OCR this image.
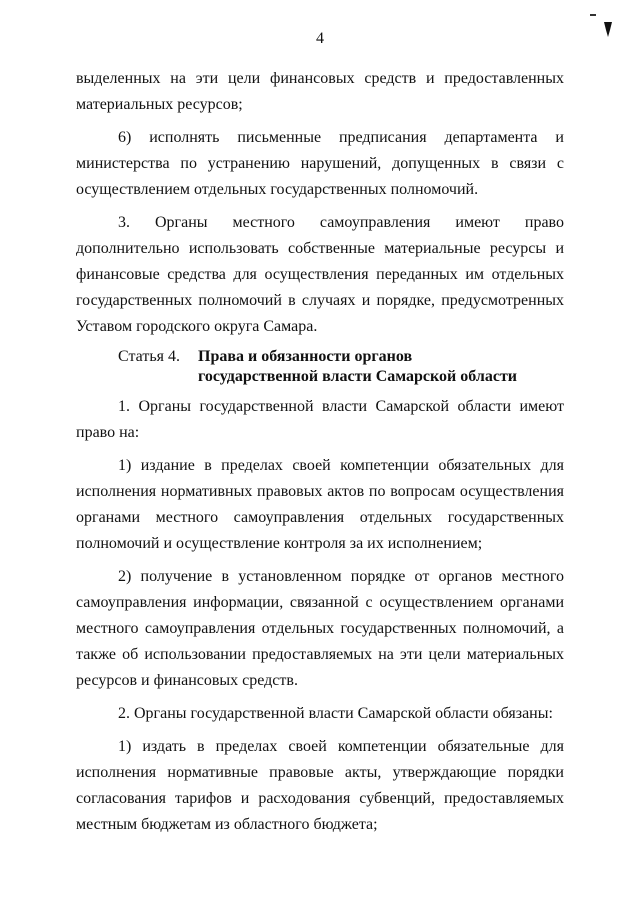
4

выделенных на эти цели финансовых средств и предоставленных материальных ресурсов;

6) исполнять письменные предписания департамента и министерства по устранению нарушений, допущенных в связи с осуществлением отдельных государственных полномочий.

3. Органы местного самоуправления имеют право дополнительно использовать собственные материальные ресурсы и финансовые средства для осуществления переданных им отдельных государственных полномочий в случаях и порядке, предусмотренных Уставом городского округа Самара.

Статья 4.	Права и обязанности органов государственной власти Самарской области

1. Органы государственной власти Самарской области имеют право на:

1) издание в пределах своей компетенции обязательных для исполнения нормативных правовых актов по вопросам осуществления органами местного самоуправления отдельных государственных полномочий и осуществление контроля за их исполнением;

2) получение в установленном порядке от органов местного самоуправления информации, связанной с осуществлением органами местного самоуправления отдельных государственных полномочий, а также об использовании предоставляемых на эти цели материальных ресурсов и финансовых средств.

2. Органы государственной власти Самарской области обязаны:

1) издать в пределах своей компетенции обязательные для исполнения нормативные правовые акты, утверждающие порядки согласования тарифов и расходования субвенций, предоставляемых местным бюджетам из областного бюджета;
